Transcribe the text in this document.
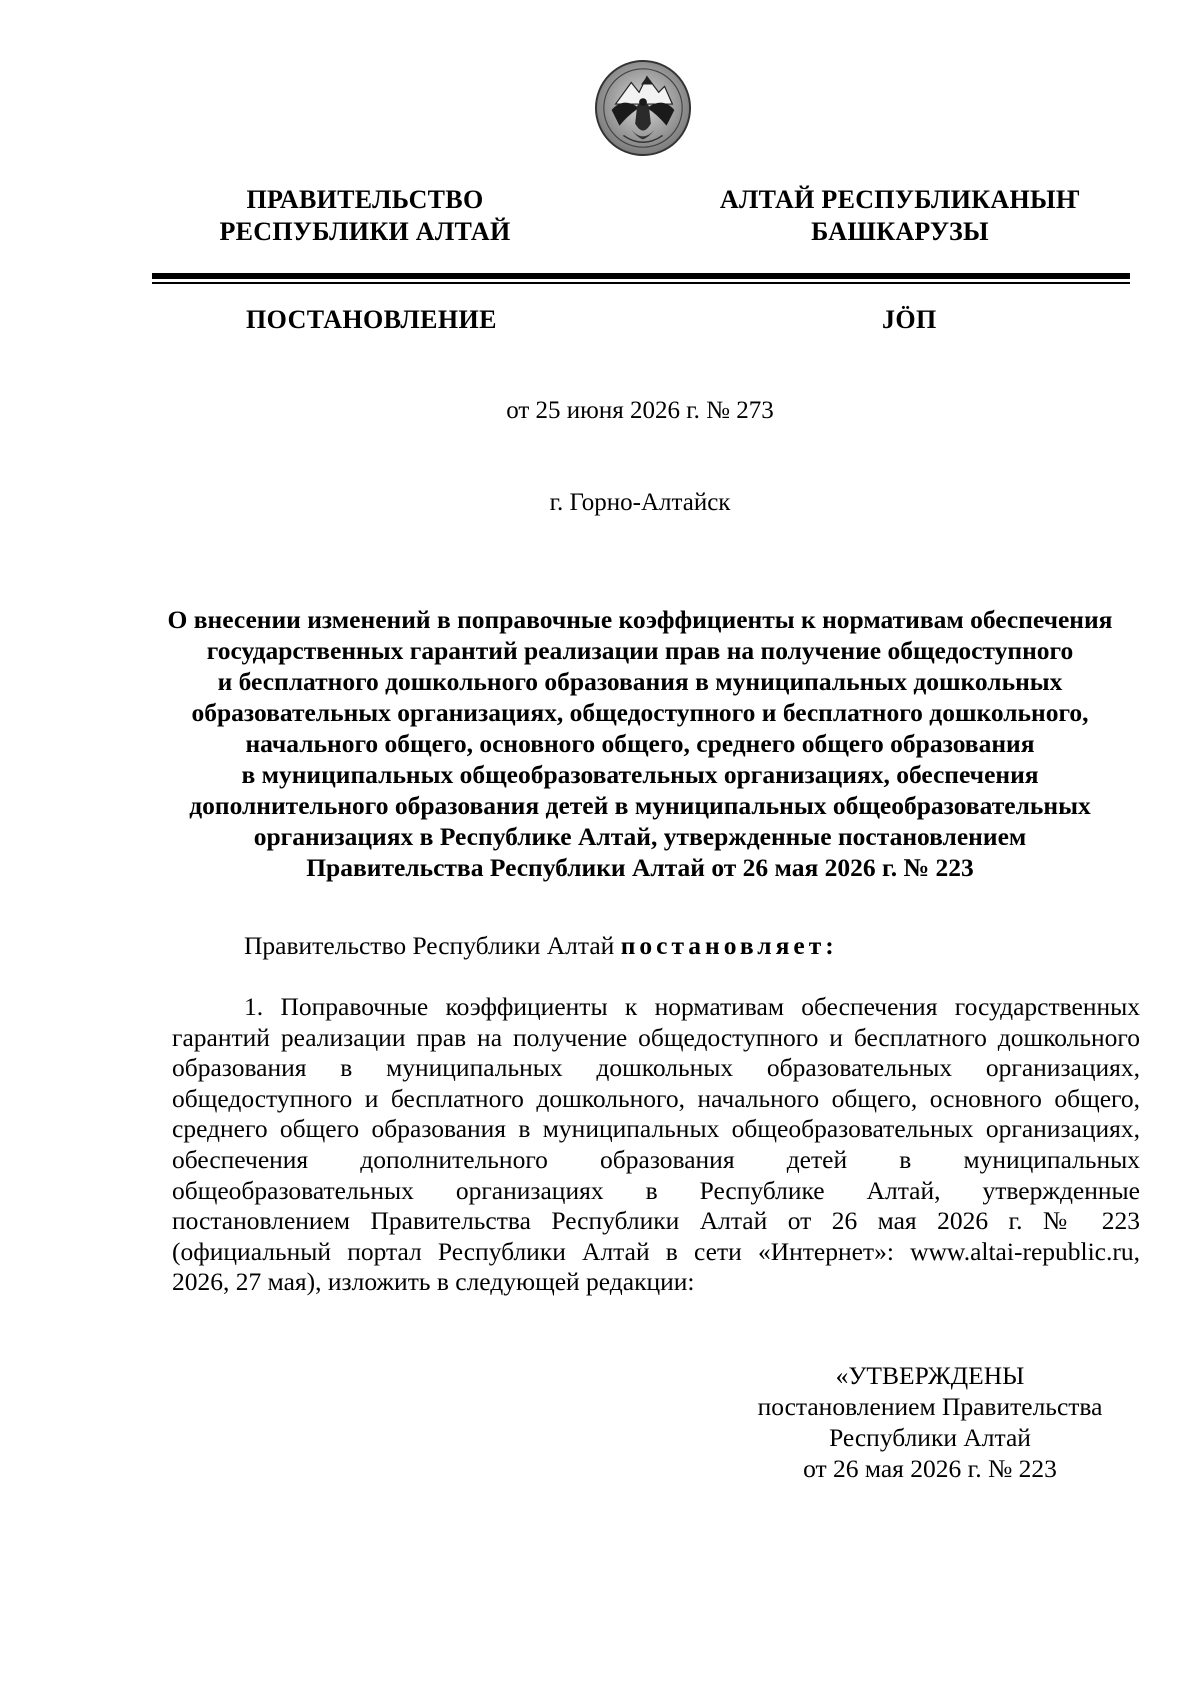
ПРАВИТЕЛЬСТВО
РЕСПУБЛИКИ АЛТАЙ
АЛТАЙ РЕСПУБЛИКАНЫҤ
БАШКАРУЗЫ
ПОСТАНОВЛЕНИЕ	JÖП
от 25 июня 2026 г. № 273
г. Горно-Алтайск
О внесении изменений в поправочные коэффициенты к нормативам обеспечения
государственных гарантий реализации прав на получение общедоступного
и бесплатного дошкольного образования в муниципальных дошкольных
образовательных организациях, общедоступного и бесплатного дошкольного,
начального общего, основного общего, среднего общего образования
в муниципальных общеобразовательных организациях, обеспечения
дополнительного образования детей в муниципальных общеобразовательных
организациях в Республике Алтай, утвержденные постановлением
Правительства Республики Алтай от 26 мая 2026 г. № 223
Правительство Республики Алтай постановляет:
1. Поправочные коэффициенты к нормативам обеспечения государственных
гарантий реализации прав на получение общедоступного и бесплатного дошкольного
образования в муниципальных дошкольных образовательных организациях,
общедоступного и бесплатного дошкольного, начального общего, основного общего,
среднего общего образования в муниципальных общеобразовательных организациях,
обеспечения дополнительного образования детей в муниципальных
общеобразовательных организациях в Республике Алтай, утвержденные
постановлением Правительства Республики Алтай от 26 мая 2026 г. № 223
(официальный портал Республики Алтай в сети «Интернет»: www.altai-republic.ru,
2026, 27 мая), изложить в следующей редакции:
«УТВЕРЖДЕНЫ
постановлением Правительства
Республики Алтай
от 26 мая 2026 г. № 223
